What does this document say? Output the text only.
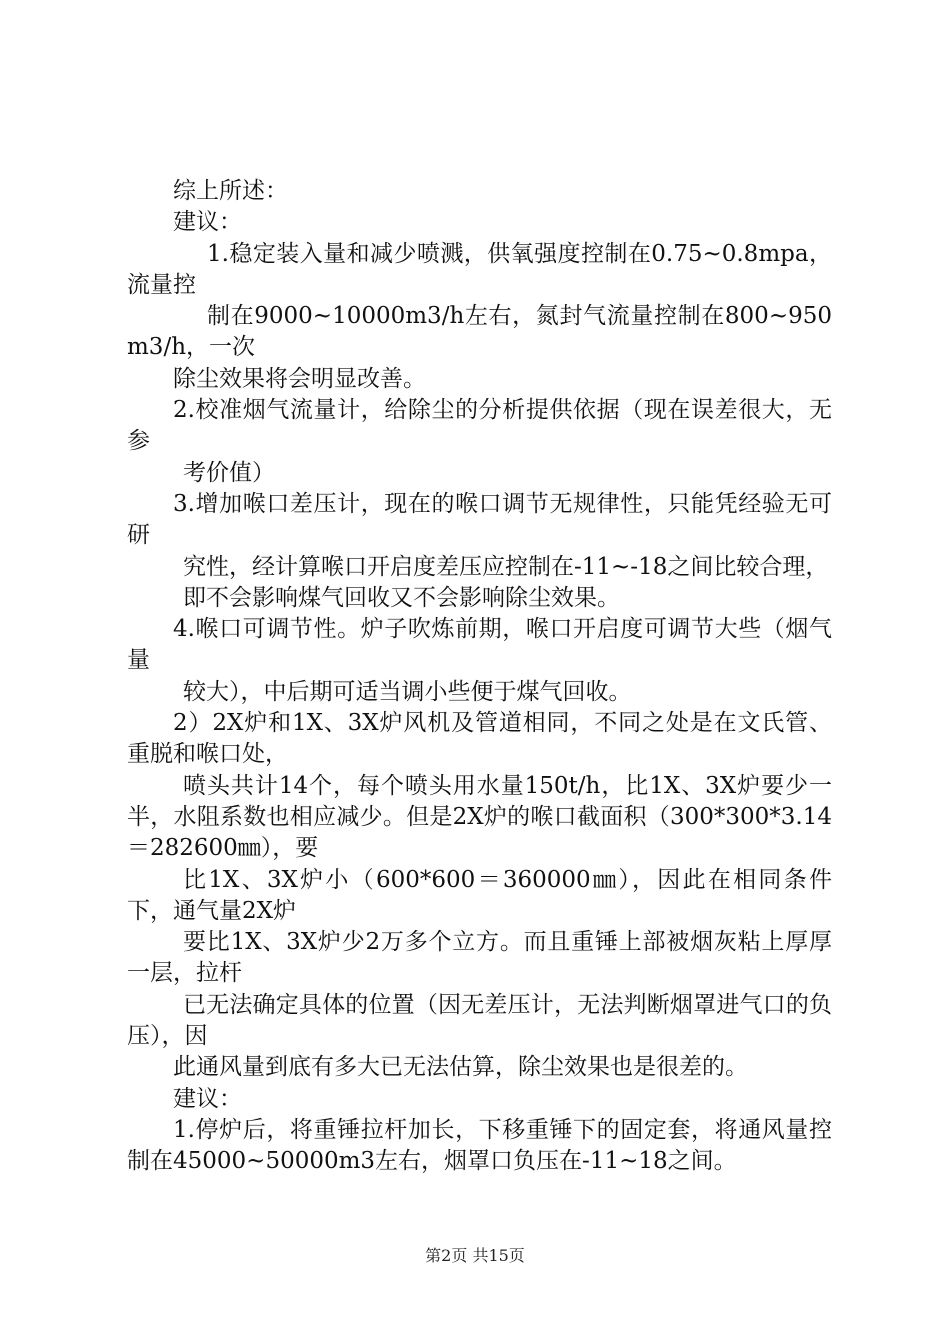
综上所述：

建议：

1.稳定装入量和减少喷溅，供氧强度控制在0.75~0.8mpa，流量控

制在9000~10000m3/h左右，氮封气流量控制在800~950m3/h，一次

除尘效果将会明显改善。

2.校准烟气流量计，给除尘的分析提供依据（现在误差很大，无参

考价值）

3.增加喉口差压计，现在的喉口调节无规律性，只能凭经验无可研

究性，经计算喉口开启度差压应控制在-11~-18之间比较合理，

即不会影响煤气回收又不会影响除尘效果。

4.喉口可调节性。炉子吹炼前期，喉口开启度可调节大些（烟气量

较大），中后期可适当调小些便于煤气回收。

2）2X炉和1X、3X炉风机及管道相同，不同之处是在文氏管、重脱和喉口处，

喷头共计14个，每个喷头用水量150t/h，比1X、3X炉要少一半，水阻系数也相应减少。但是2X炉的喉口截面积（300*300*3.14＝282600㎜），要

比1X、3X炉小（600*600＝360000㎜），因此在相同条件下，通气量2X炉

要比1X、3X炉少2万多个立方。而且重锤上部被烟灰粘上厚厚一层，拉杆

已无法确定具体的位置（因无差压计，无法判断烟罩进气口的负压），因

此通风量到底有多大已无法估算，除尘效果也是很差的。

建议：

1.停炉后，将重锤拉杆加长，下移重锤下的固定套，将通风量控制在45000~50000m3左右，烟罩口负压在-11~18之间。

第2页 共15页
